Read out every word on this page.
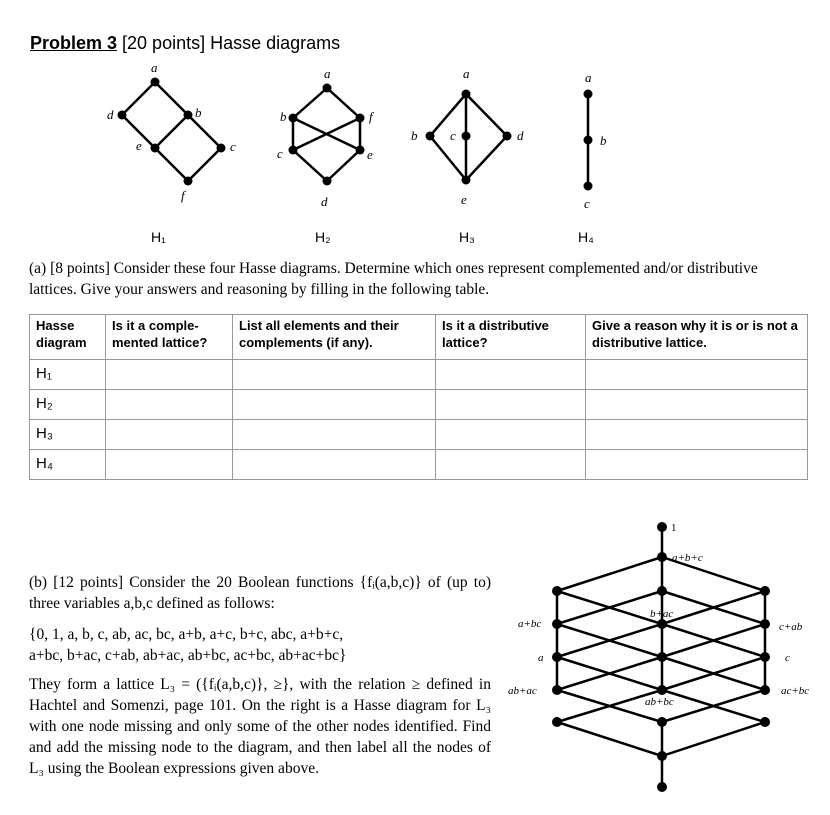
Problem 3 [20 points] Hasse diagrams
a
d	b
e	c
f
H₁
a
b	f
c	e
d
H₂
a
b	c	d
e
H₃
a
b
c
H₄
(a) [8 points] Consider these four Hasse diagrams. Determine which ones represent complemented and/or distributive lattices. Give your answers and reasoning by filling in the following table.
Hasse diagram	Is it a comple-mented lattice?	List all elements and their complements (if any).	Is it a distributive lattice?	Give a reason why it is or is not a distributive lattice.
H₁				
H₂				
H₃				
H₄				
(b) [12 points] Consider the 20 Boolean functions {fᵢ(a,b,c)} of (up to) three variables a,b,c defined as follows:
{0, 1, a, b, c, ab, ac, bc, a+b, a+c, b+c, abc, a+b+c,
a+bc, b+ac, c+ab, ab+ac, ab+bc, ac+bc, ab+ac+bc}
They form a lattice L₃ = ({fᵢ(a,b,c)}, ≥}, with the relation ≥ defined in Hachtel and Somenzi, page 101. On the right is a Hasse diagram for L₃ with one node missing and only some of the other nodes identified. Find and add the missing node to the diagram, and then label all the nodes of L₃ using the Boolean expressions given above.
1
a+b+c
b+ac
a+bc	c+ab
a	c
ab+ac	ac+bc
ab+bc
